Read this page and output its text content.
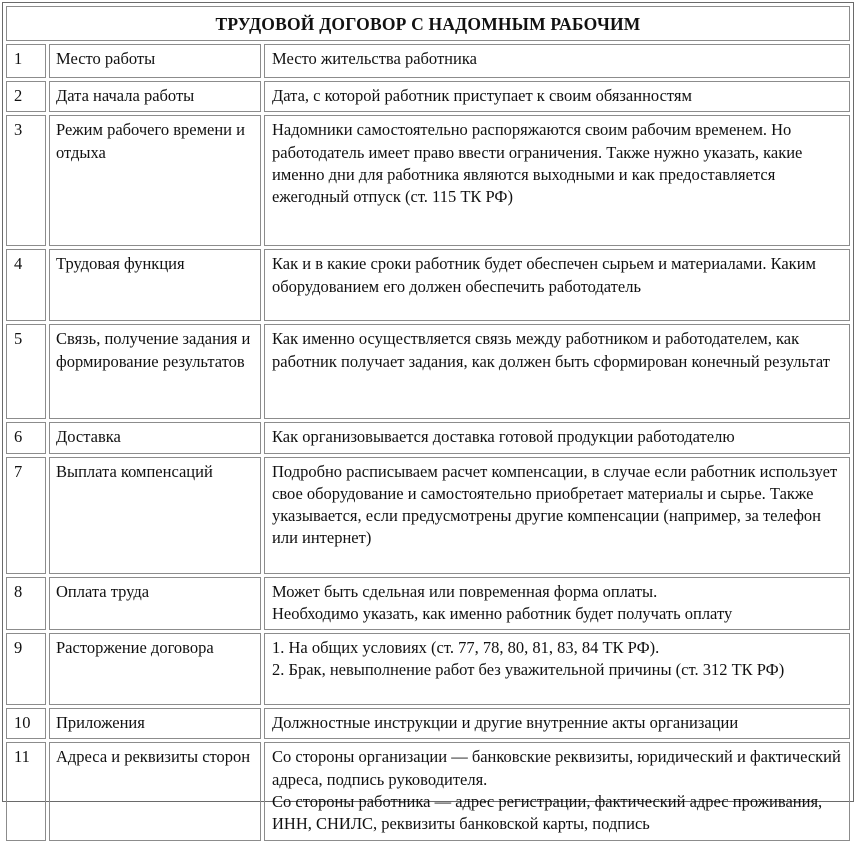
ТРУДОВОЙ ДОГОВОР С НАДОМНЫМ РАБОЧИМ		
1	Место работы	Место жительства работника

2	Дата начала работы	Дата, с которой работник приступает к своим обязанностям

3	Режим рабочего времени и отдыха	Надомники самостоятельно распоряжаются своим рабочим временем. Но работодатель имеет право ввести ограничения. Также нужно указать, какие именно дни для работника являются выходными и как предоставляется ежегодный отпуск (ст. 115 ТК РФ)

4	Трудовая функция	Как и в какие сроки работник будет обеспечен сырьем и материалами. Каким оборудованием его должен обеспечить работодатель

5	Связь, получение задания и формирование результатов	Как именно осуществляется связь между работником и работодателем, как работник получает задания, как должен быть сформирован конечный результат

6	Доставка	Как организовывается доставка готовой продукции работодателю

7	Выплата компенсаций	Подробно расписываем расчет компенсации, в случае если работник использует свое оборудование и самостоятельно приобретает материалы и сырье. Также указывается, если предусмотрены другие компенсации (например, за телефон или интернет)

8	Оплата труда	Может быть сдельная или повременная форма оплаты.
Необходимо указать, как именно работник будет получать оплату

9	Расторжение договора	1. На общих условиях (ст. 77, 78, 80, 81, 83, 84 ТК РФ).
2. Брак, невыполнение работ без уважительной причины (ст. 312 ТК РФ)

10	Приложения	Должностные инструкции и другие внутренние акты организации

11	Адреса и реквизиты сторон	Со стороны организации — банковские реквизиты, юридический и фактический адреса, подпись руководителя.
Со стороны работника — адрес регистрации, фактический адрес проживания, ИНН, СНИЛС, реквизиты банковской карты, подпись
